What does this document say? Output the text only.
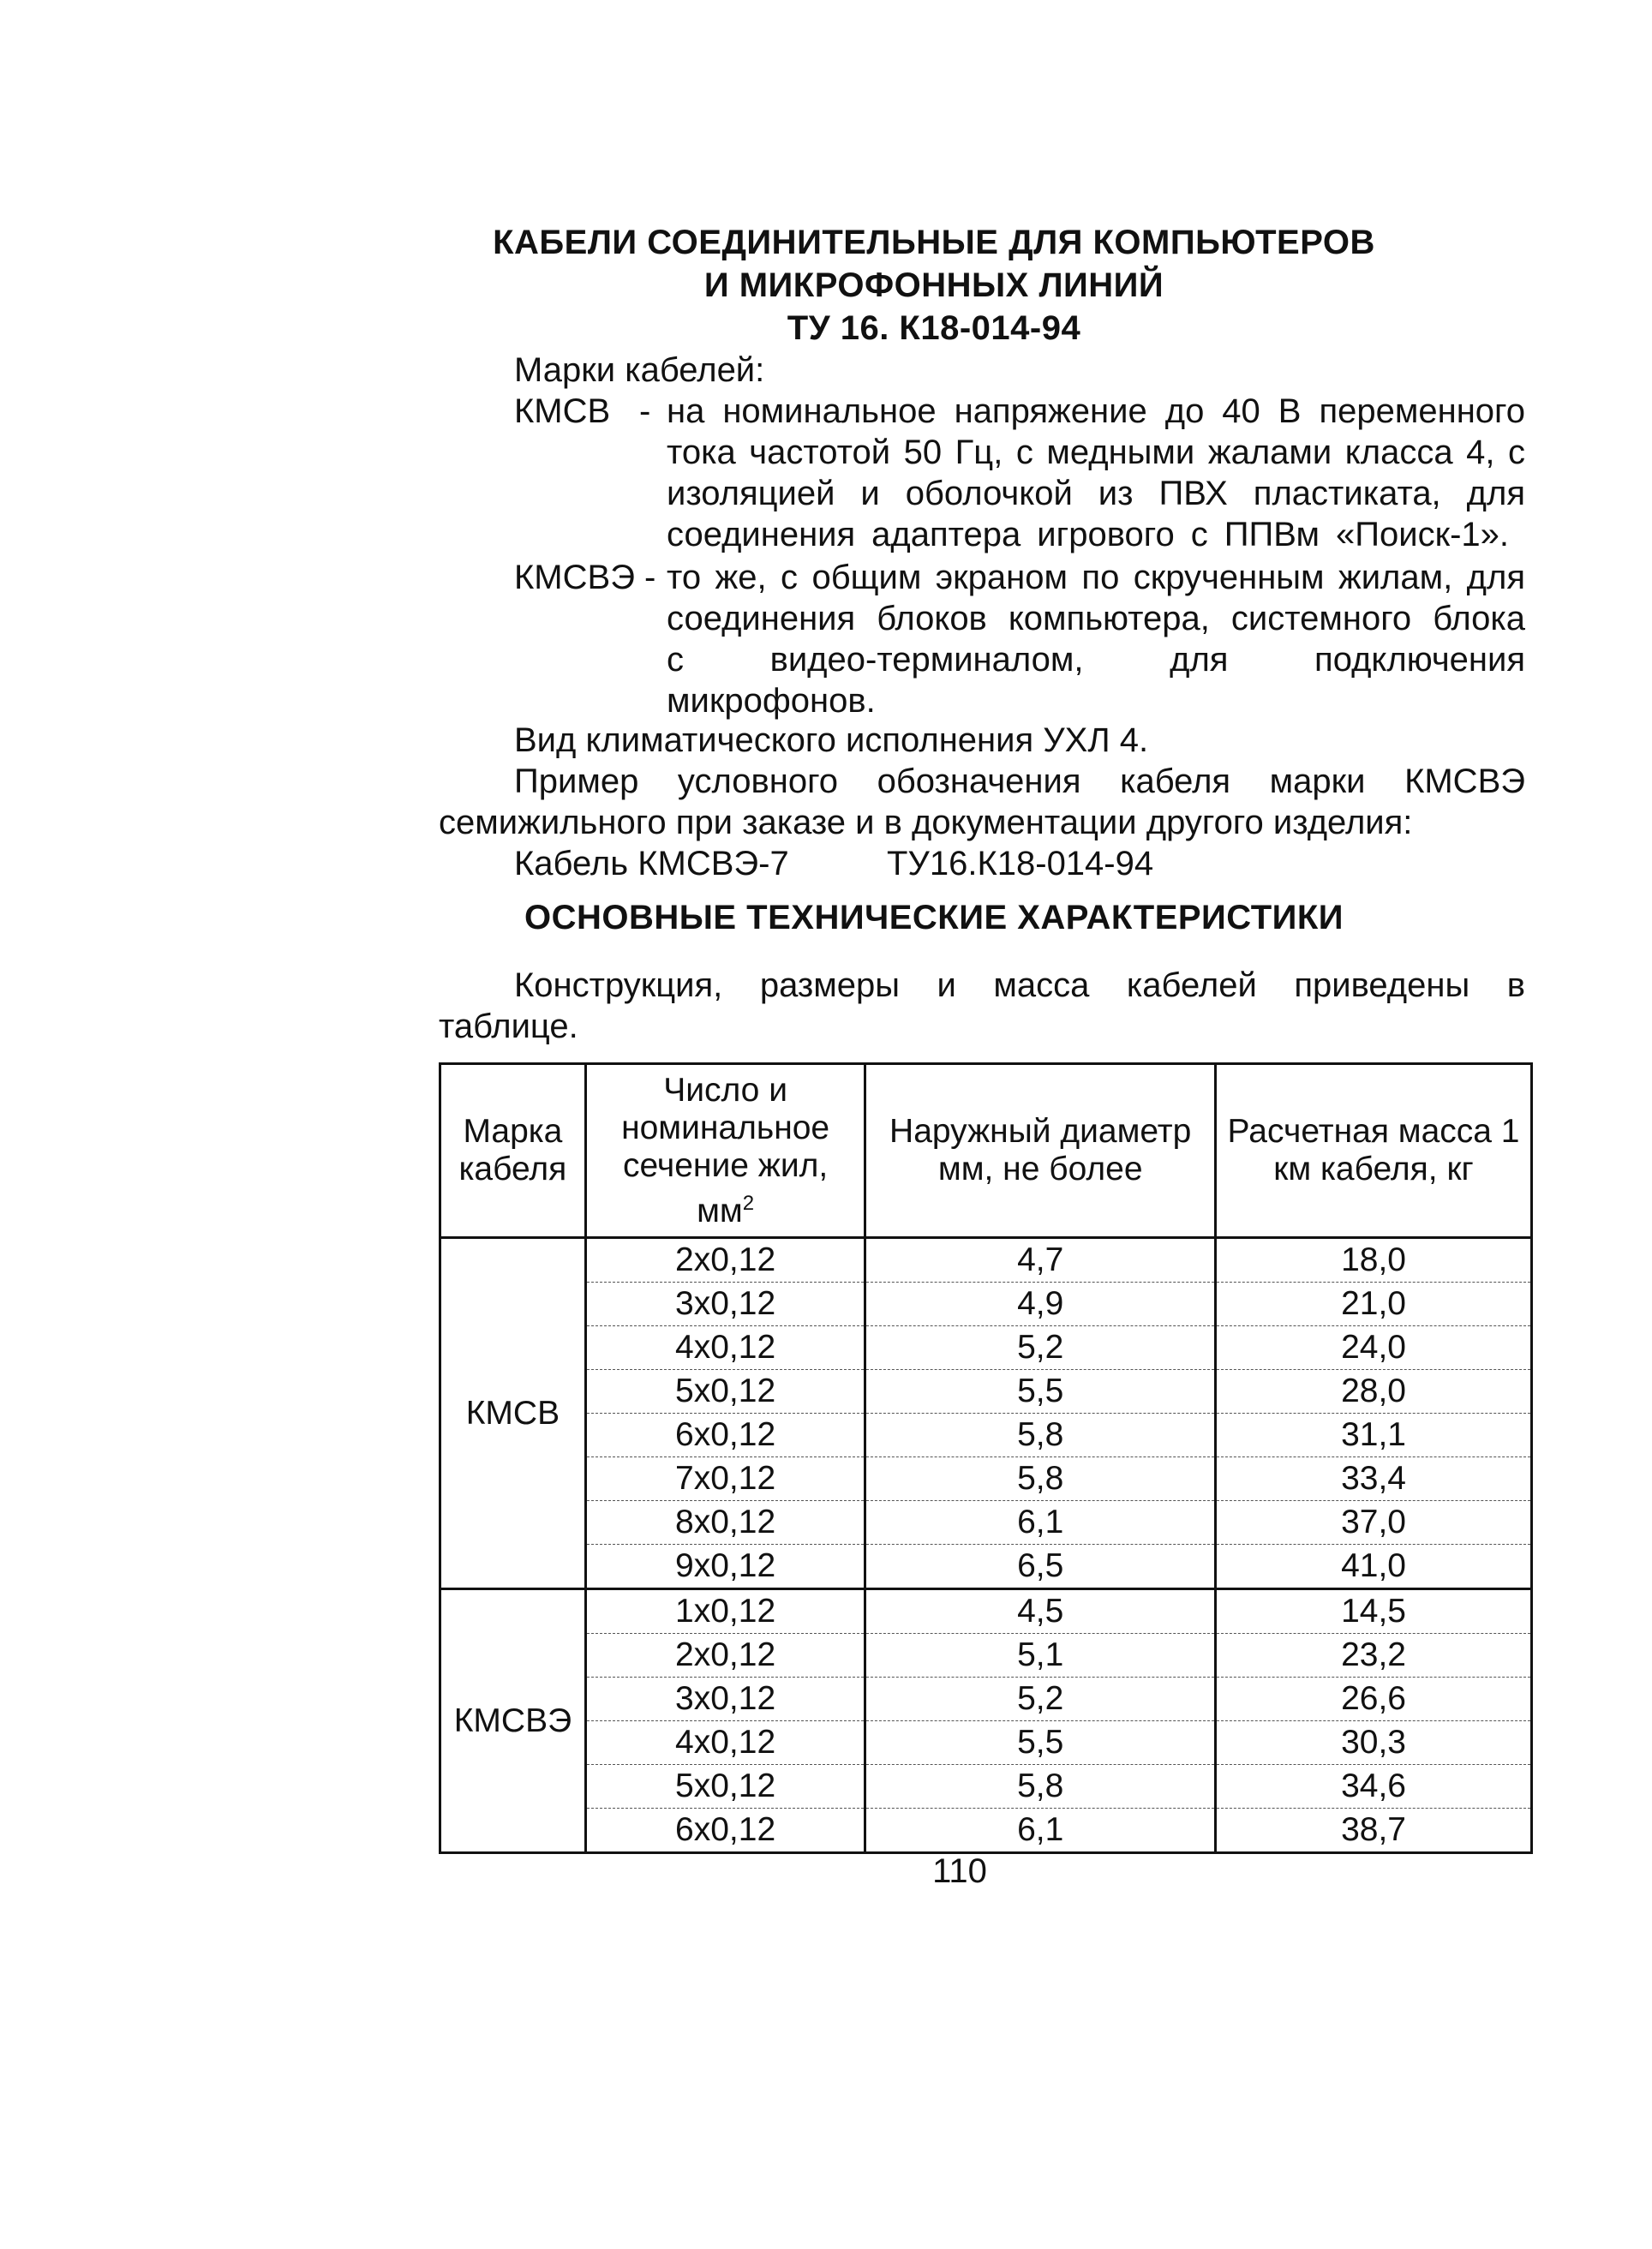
КАБЕЛИ СОЕДИНИТЕЛЬНЫЕ ДЛЯ КОМПЬЮТЕРОВ
И МИКРОФОННЫХ ЛИНИЙ
ТУ 16. К18-014-94
Марки кабелей:
КМСВ - на номинальное напряжение до 40 В переменного
тока частотой 50 Гц, с медными жалами класса 4, с
изоляцией и оболочкой из ПВХ пластиката, для
соединения адаптера игрового с ППВм «Поиск-1».
КМСВЭ - то же, с общим экраном по скрученным жилам, для
соединения блоков компьютера, системного блока
с видео-терминалом, для подключения
микрофонов.
Вид климатического исполнения УХЛ 4.
Пример условного обозначения кабеля марки КМСВЭ
семижильного при заказе и в документации другого изделия:
Кабель КМСВЭ-7	ТУ16.К18-014-94
ОСНОВНЫЕ ТЕХНИЧЕСКИЕ ХАРАКТЕРИСТИКИ
Конструкция, размеры и масса кабелей приведены в
таблице.
Марка кабеля	Число и номинальное сечение жил, $мм^2$	Наружный диаметр мм, не более	Расчетная масса 1 км кабеля, кг
КМСВ	2х0,12	4,7	18,0
	3х0,12	4,9	21,0
	4х0,12	5,2	24,0
	5х0,12	5,5	28,0
	6х0,12	5,8	31,1
	7х0,12	5,8	33,4
	8х0,12	6,1	37,0
	9х0,12	6,5	41,0
КМСВЭ	1х0,12	4,5	14,5
	2х0,12	5,1	23,2
	3х0,12	5,2	26,6
	4х0,12	5,5	30,3
	5х0,12	5,8	34,6
	6х0,12	6,1	38,7
110
